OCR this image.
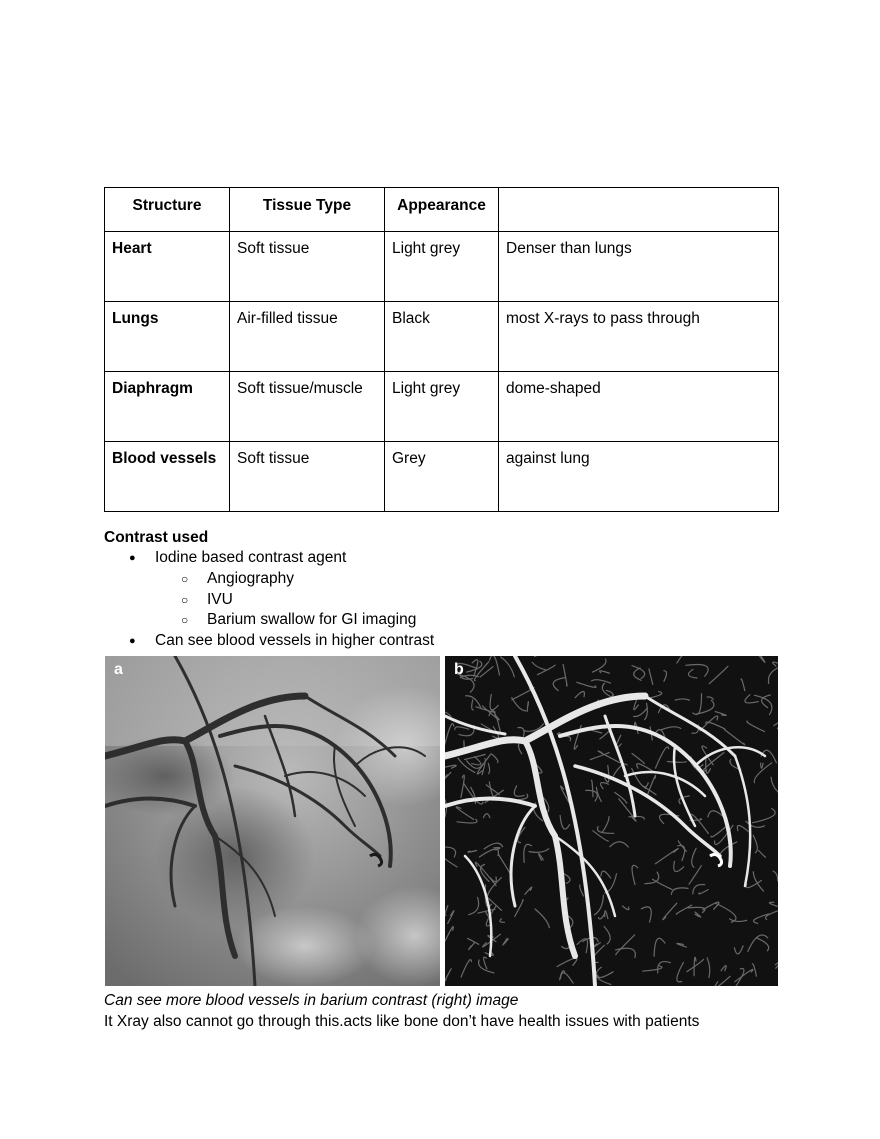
Structure	Tissue Type	Appearance	
Heart	Soft tissue	Light grey	Denser than lungs
Lungs	Air-filled tissue	Black	most X-rays to pass through
Diaphragm	Soft tissue/muscle	Light grey	dome-shaped
Blood vessels	Soft tissue	Grey	against lung
Contrast used
● Iodine based contrast agent
○ Angiography
○ IVU
○ Barium swallow for GI imaging
● Can see blood vessels in higher contrast
a	b
Can see more blood vessels in barium contrast (right) image
It Xray also cannot go through this.acts like bone don’t have health issues with patients
